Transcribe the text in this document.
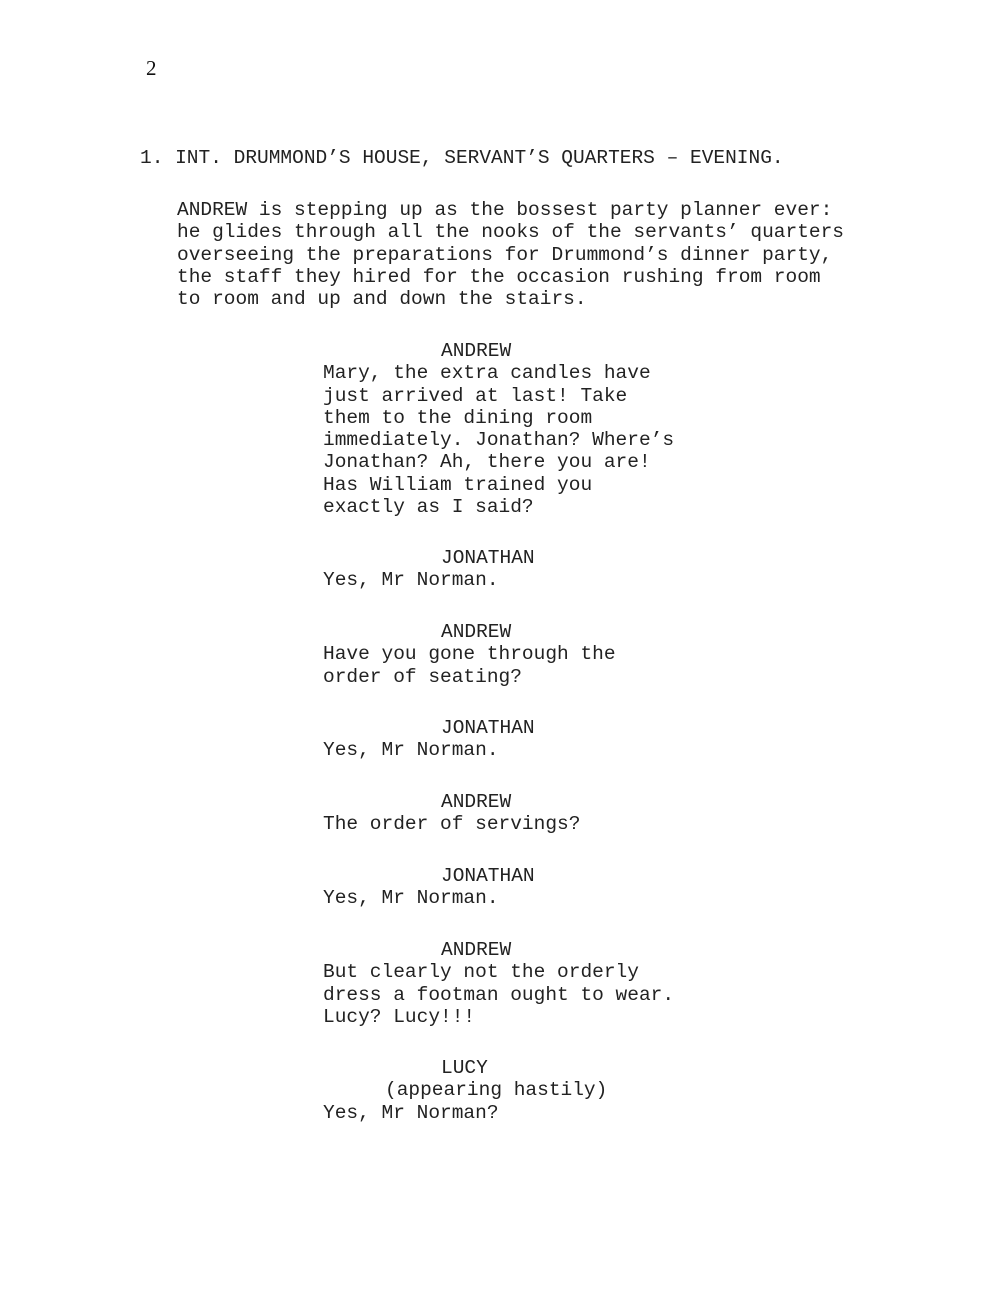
2
1. INT. DRUMMOND’S HOUSE, SERVANT’S QUARTERS – EVENING.
ANDREW is stepping up as the bossest party planner ever:
he glides through all the nooks of the servants’ quarters
overseeing the preparations for Drummond’s dinner party,
the staff they hired for the occasion rushing from room
to room and up and down the stairs.
ANDREW
Mary, the extra candles have
just arrived at last! Take
them to the dining room
immediately. Jonathan? Where’s
Jonathan? Ah, there you are!
Has William trained you
exactly as I said?
JONATHAN
Yes, Mr Norman.
ANDREW
Have you gone through the
order of seating?
JONATHAN
Yes, Mr Norman.
ANDREW
The order of servings?
JONATHAN
Yes, Mr Norman.
ANDREW
But clearly not the orderly
dress a footman ought to wear.
Lucy? Lucy!!!
LUCY
(appearing hastily)
Yes, Mr Norman?
